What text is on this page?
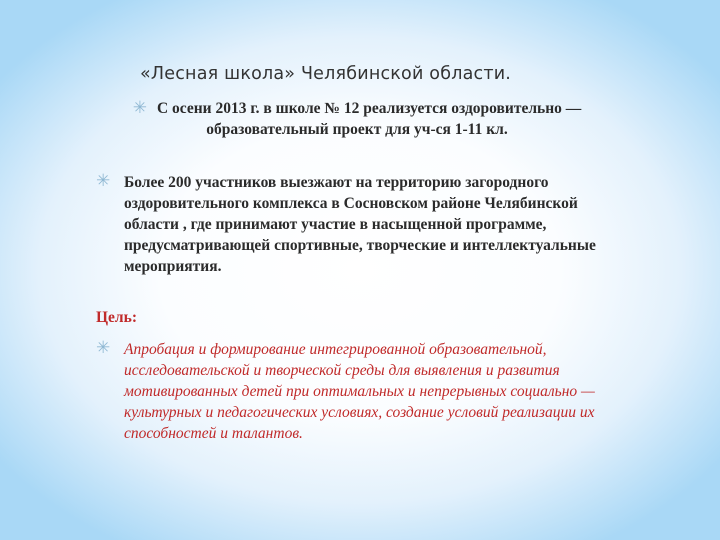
«Лесная школа» Челябинской области.
✳ С осени 2013 г. в школе № 12 реализуется оздоровительно — образовательный проект для уч-ся 1-11 кл.
✳ Более 200 участников выезжают на территорию загородного оздоровительного комплекса в Сосновском районе Челябинской области , где принимают участие в насыщенной программе, предусматривающей спортивные, творческие и интеллектуальные мероприятия.
Цель:
✳ Апробация и формирование интегрированной образовательной, исследовательской и творческой среды для выявления и развития мотивированных детей при оптимальных и непрерывных социально — культурных и педагогических условиях, создание условий реализации их способностей и талантов.
